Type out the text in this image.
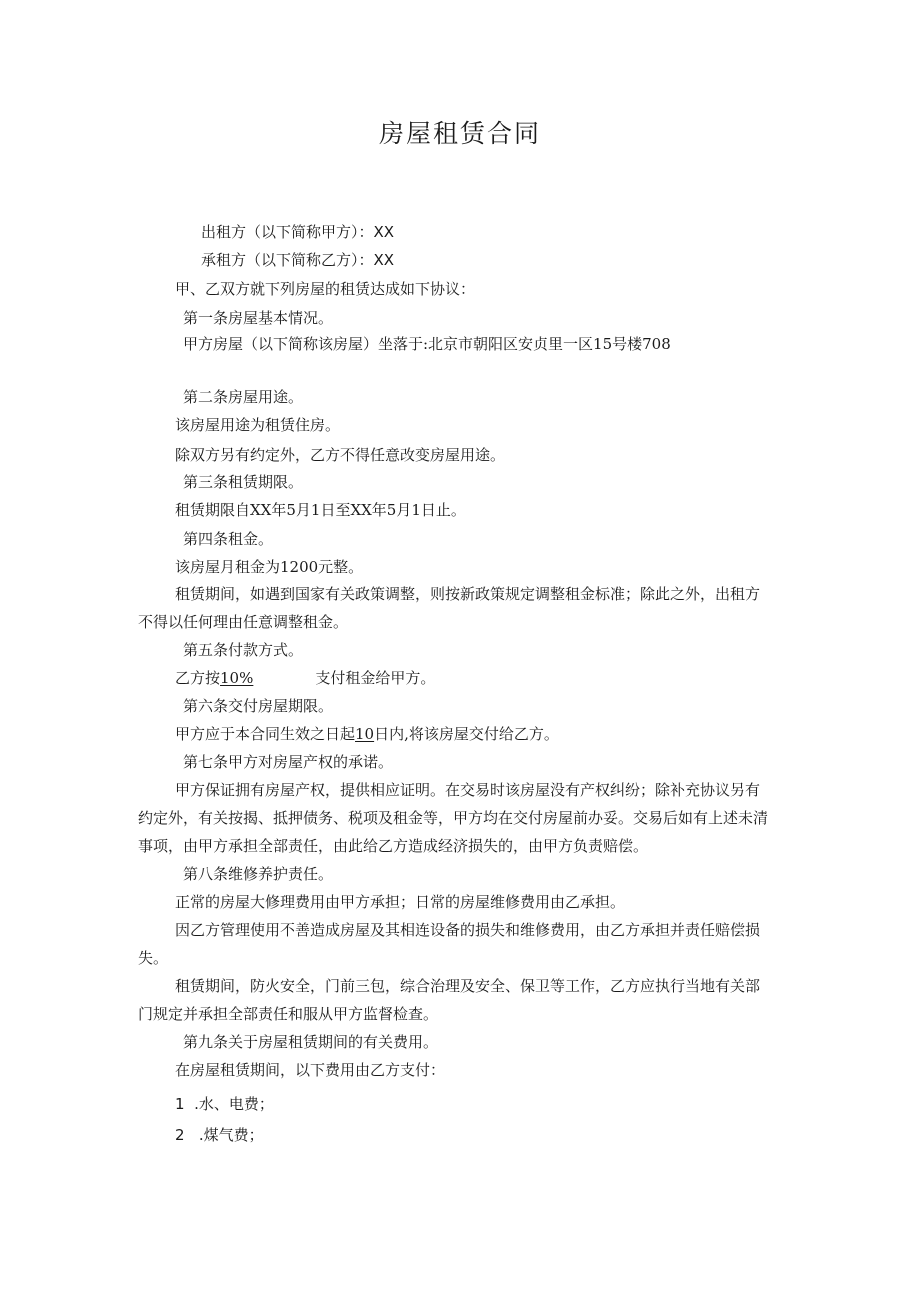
房屋租赁合同
出租方（以下简称甲方）：XX
承租方（以下简称乙方）：XX
甲、乙双方就下列房屋的租赁达成如下协议：
第一条房屋基本情况。
甲方房屋（以下简称该房屋）坐落于:北京市朝阳区安贞里一区15号楼708
第二条房屋用途。
该房屋用途为租赁住房。
除双方另有约定外，乙方不得任意改变房屋用途。
第三条租赁期限。
租赁期限自XX年5月1日至XX年5月1日止。
第四条租金。
该房屋月租金为1200元整。
租赁期间，如遇到国家有关政策调整，则按新政策规定调整租金标准；除此之外，出租方
不得以任何理由任意调整租金。
第五条付款方式。
乙方按10%	支付租金给甲方。
第六条交付房屋期限。
甲方应于本合同生效之日起10日内,将该房屋交付给乙方。
第七条甲方对房屋产权的承诺。
甲方保证拥有房屋产权，提供相应证明。在交易时该房屋没有产权纠纷；除补充协议另有
约定外，有关按揭、抵押债务、税项及租金等，甲方均在交付房屋前办妥。交易后如有上述未清
事项，由甲方承担全部责任，由此给乙方造成经济损失的，由甲方负责赔偿。
第八条维修养护责任。
正常的房屋大修理费用由甲方承担；日常的房屋维修费用由乙承担。
因乙方管理使用不善造成房屋及其相连设备的损失和维修费用，由乙方承担并责任赔偿损
失。
租赁期间，防火安全，门前三包，综合治理及安全、保卫等工作，乙方应执行当地有关部
门规定并承担全部责任和服从甲方监督检查。
第九条关于房屋租赁期间的有关费用。
在房屋租赁期间，以下费用由乙方支付：
1 .水、电费；
2 .煤气费；
